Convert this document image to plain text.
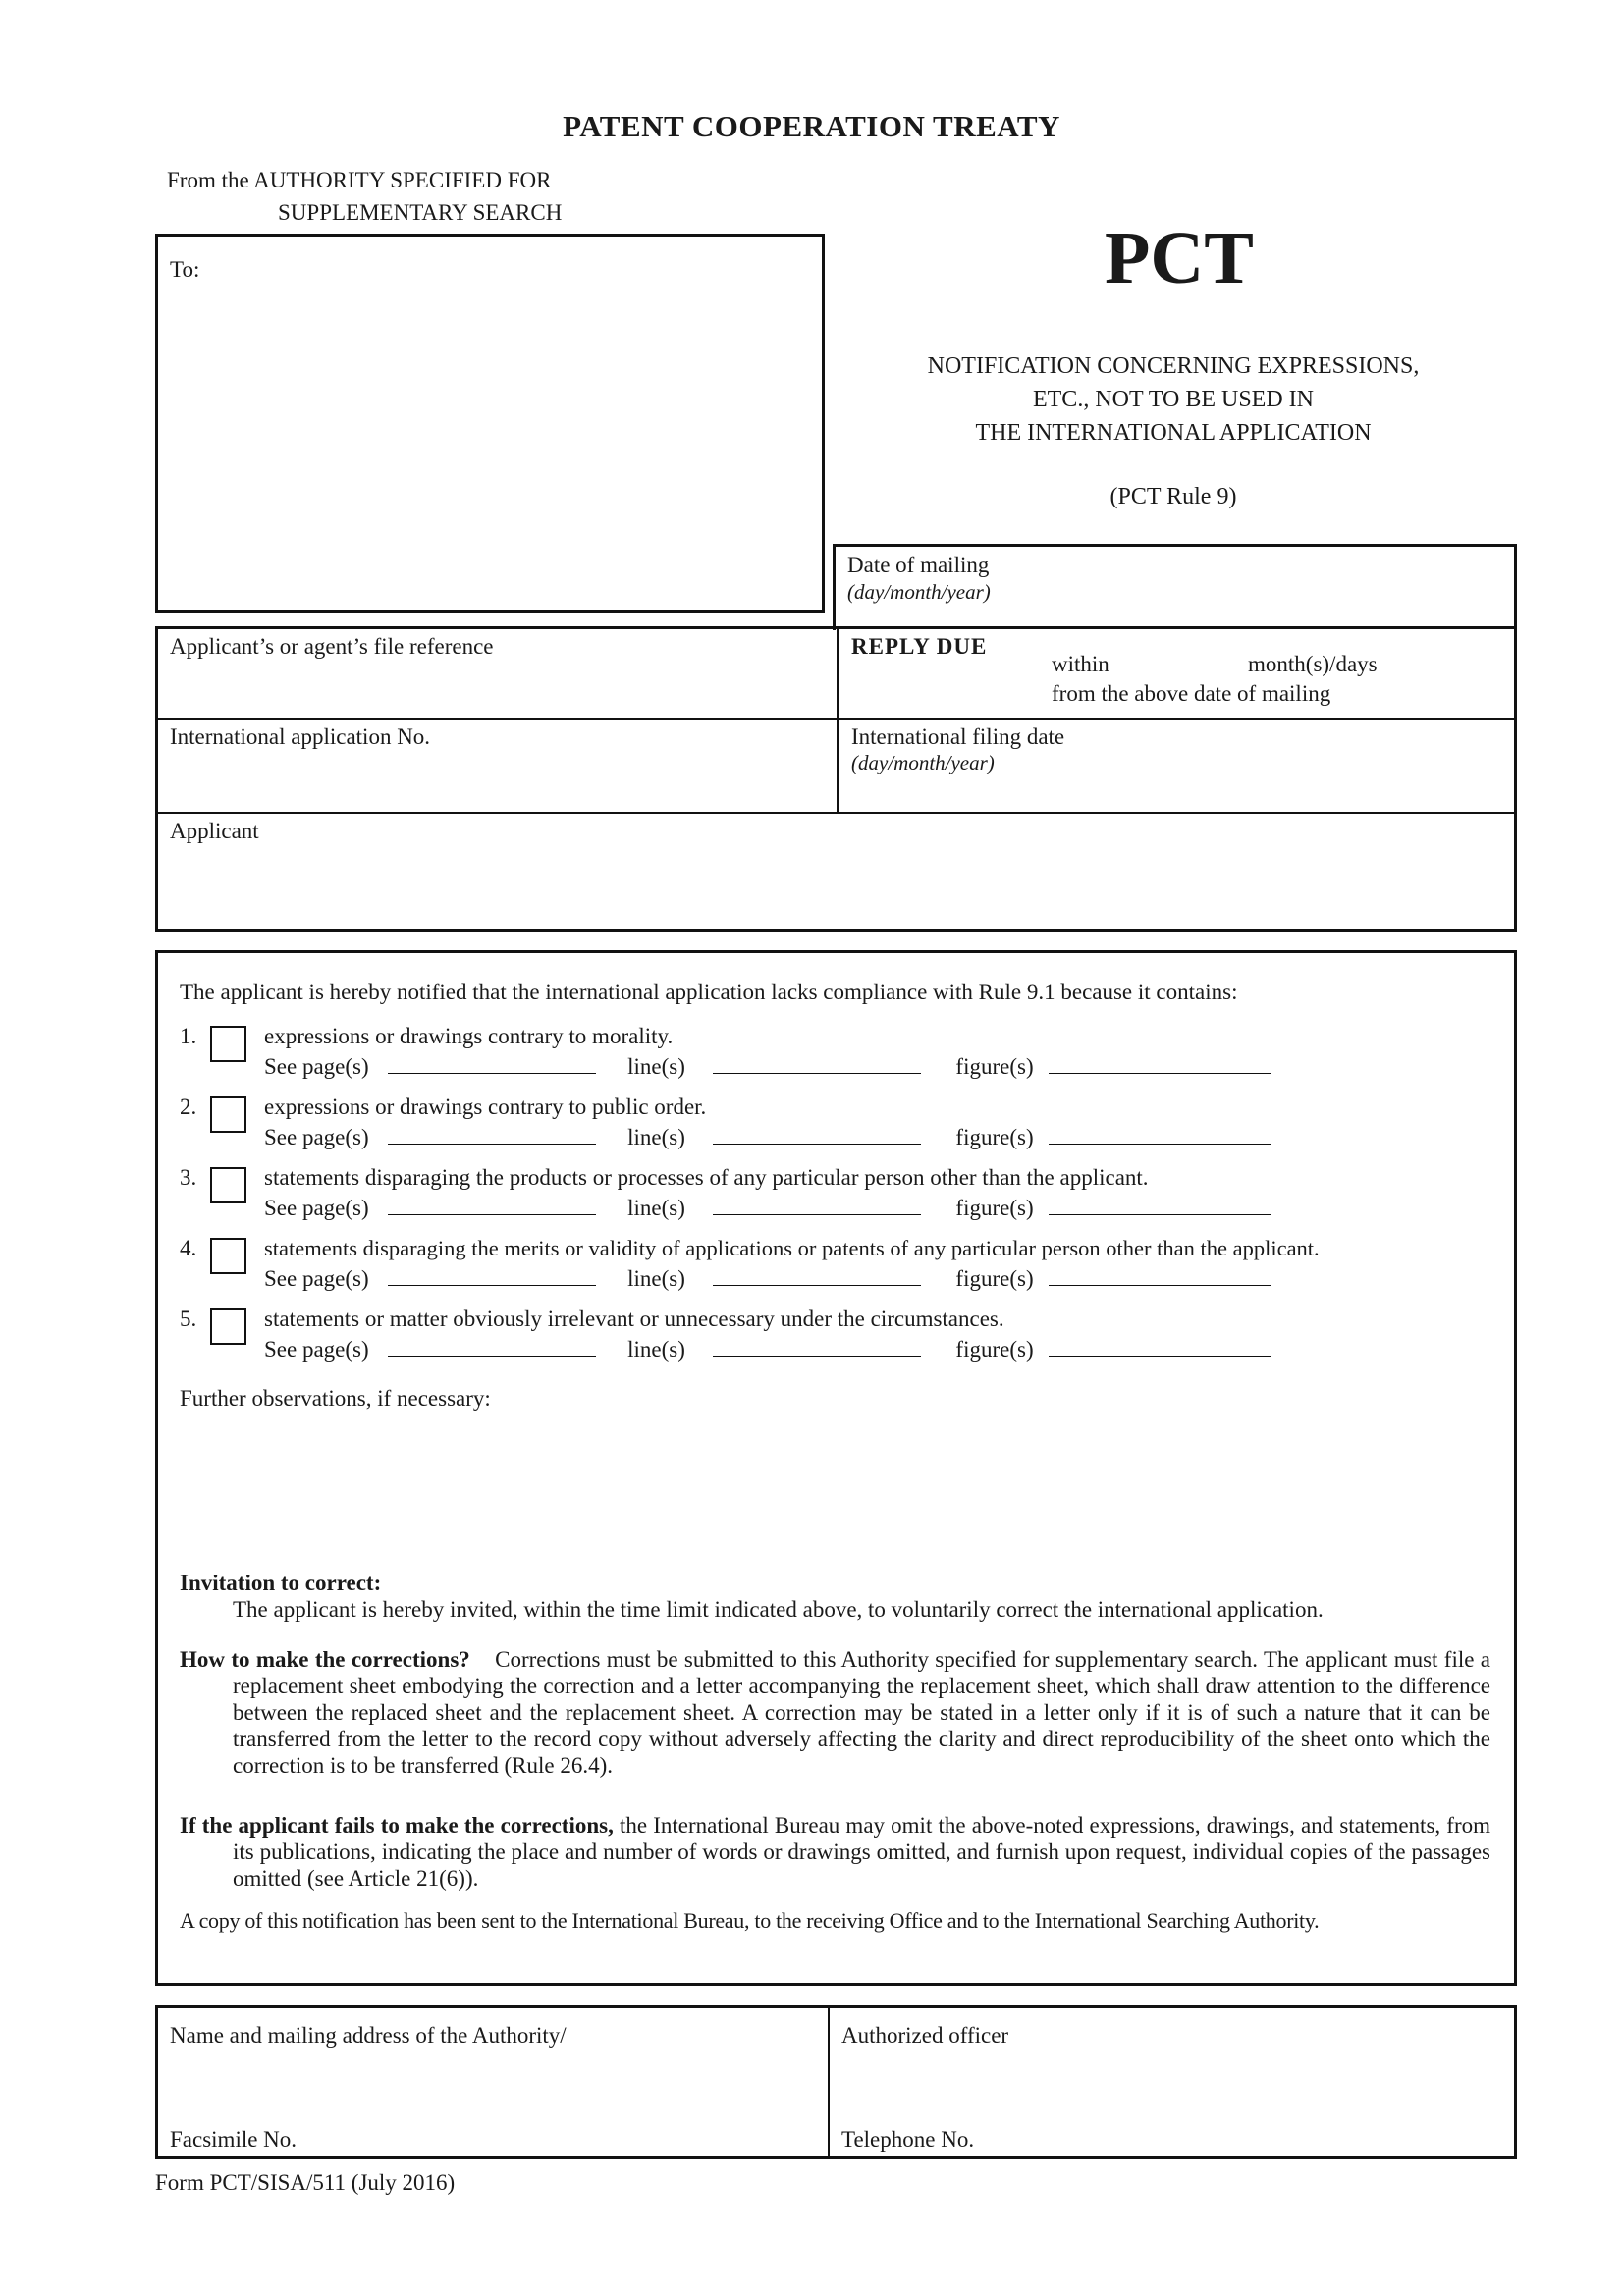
PATENT COOPERATION TREATY
From the AUTHORITY SPECIFIED FOR
SUPPLEMENTARY SEARCH
PCT
NOTIFICATION CONCERNING EXPRESSIONS,
ETC., NOT TO BE USED IN
THE INTERNATIONAL APPLICATION
(PCT Rule 9)
To:
Date of mailing
(day/month/year)
Applicant’s or agent’s file reference	REPLY DUE
within	month(s)/days
from the above date of mailing
International application No.	International filing date
(day/month/year)
Applicant
The applicant is hereby notified that the international application lacks compliance with Rule 9.1 because it contains:
1.	expressions or drawings contrary to morality.
See page(s)	line(s)	figure(s)
2.	expressions or drawings contrary to public order.
See page(s)	line(s)	figure(s)
3.	statements disparaging the products or processes of any particular person other than the applicant.
See page(s)	line(s)	figure(s)
4.	statements disparaging the merits or validity of applications or patents of any particular person other than the applicant.
See page(s)	line(s)	figure(s)
5.	statements or matter obviously irrelevant or unnecessary under the circumstances.
See page(s)	line(s)	figure(s)
Further observations, if necessary:
Invitation to correct:
The applicant is hereby invited, within the time limit indicated above, to voluntarily correct the international application.
How to make the corrections? Corrections must be submitted to this Authority specified for supplementary search. The applicant must file a replacement sheet embodying the correction and a letter accompanying the replacement sheet, which shall draw attention to the difference between the replaced sheet and the replacement sheet. A correction may be stated in a letter only if it is of such a nature that it can be transferred from the letter to the record copy without adversely affecting the clarity and direct reproducibility of the sheet onto which the correction is to be transferred (Rule 26.4).
If the applicant fails to make the corrections, the International Bureau may omit the above-noted expressions, drawings, and statements, from its publications, indicating the place and number of words or drawings omitted, and furnish upon request, individual copies of the passages omitted (see Article 21(6)).
A copy of this notification has been sent to the International Bureau, to the receiving Office and to the International Searching Authority.
Name and mailing address of the Authority/
Facsimile No.
Authorized officer
Telephone No.
Form PCT/SISA/511 (July 2016)
